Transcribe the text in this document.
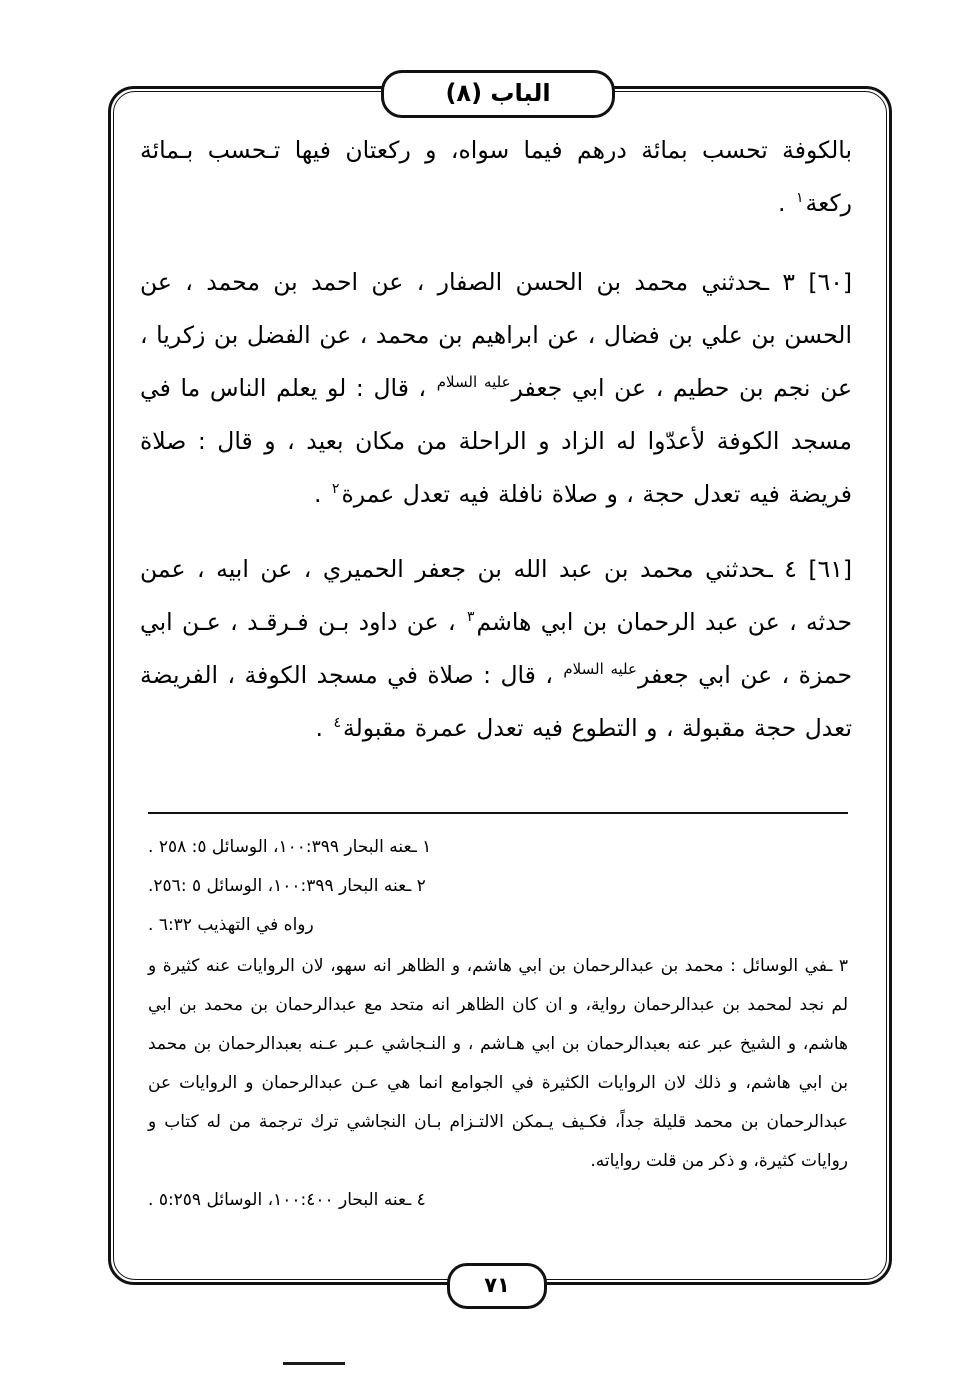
الباب (٨)

بالكوفة تحسب بمائة درهم فيما سواه، و ركعتان فيها تـحسب بـمائة ركعة$^١$ .

[٦٠] ٣ ـحدثني محمد بن الحسن الصفار ، عن احمد بن محمد ، عن الحسن بن علي بن فضال ، عن ابراهيم بن محمد ، عن الفضل بن زكريا ، عن نجم بن حطيم ، عن ابي جعفر$^{عليه السلام}$ ، قال : لو يعلم الناس ما في مسجد الكوفة لأعدّوا له الزاد و الراحلة من مكان بعيد ، و قال : صلاة فريضة فيه تعدل حجة ، و صلاة نافلة فيه تعدل عمرة$^٢$ .

[٦١] ٤ ـحدثني محمد بن عبد الله بن جعفر الحميري ، عن ابيه ، عمن حدثه ، عن عبد الرحمان بن ابي هاشم$^٣$ ، عن داود بـن فـرقـد ، عـن ابي حمزة ، عن ابي جعفر$^{عليه السلام}$ ، قال : صلاة في مسجد الكوفة ، الفريضة تعدل حجة مقبولة ، و التطوع فيه تعدل عمرة مقبولة$^٤$ .

١ ـعنه البحار ١٠٠:٣٩٩، الوسائل ٥: ٢٥٨ .

٢ ـعنه البحار ١٠٠:٣٩٩، الوسائل ٥ :٢٥٦.

رواه في التهذيب ٦:٣٢ .

٣ ـفي الوسائل : محمد بن عبدالرحمان بن ابي هاشم، و الظاهر انه سهو، لان الروايات عنه كثيرة و لم نجد لمحمد بن عبدالرحمان رواية، و ان كان الظاهر انه متحد مع عبدالرحمان بن محمد بن ابي هاشم، و الشيخ عبر عنه بعبدالرحمان بن ابي هـاشم ، و النـجاشي عـبر عـنه بعبدالرحمان بن محمد بن ابي هاشم، و ذلك لان الروايات الكثيرة في الجوامع انما هي عـن عبدالرحمان و الروايات عن عبدالرحمان بن محمد قليلة جداً، فكـيف يـمكن الالتـزام بـان النجاشي ترك ترجمة من له كتاب و روايات كثيرة، و ذكر من قلت رواياته.

٤ ـعنه البحار ١٠٠:٤٠٠، الوسائل ٥:٢٥٩ .

٧١
